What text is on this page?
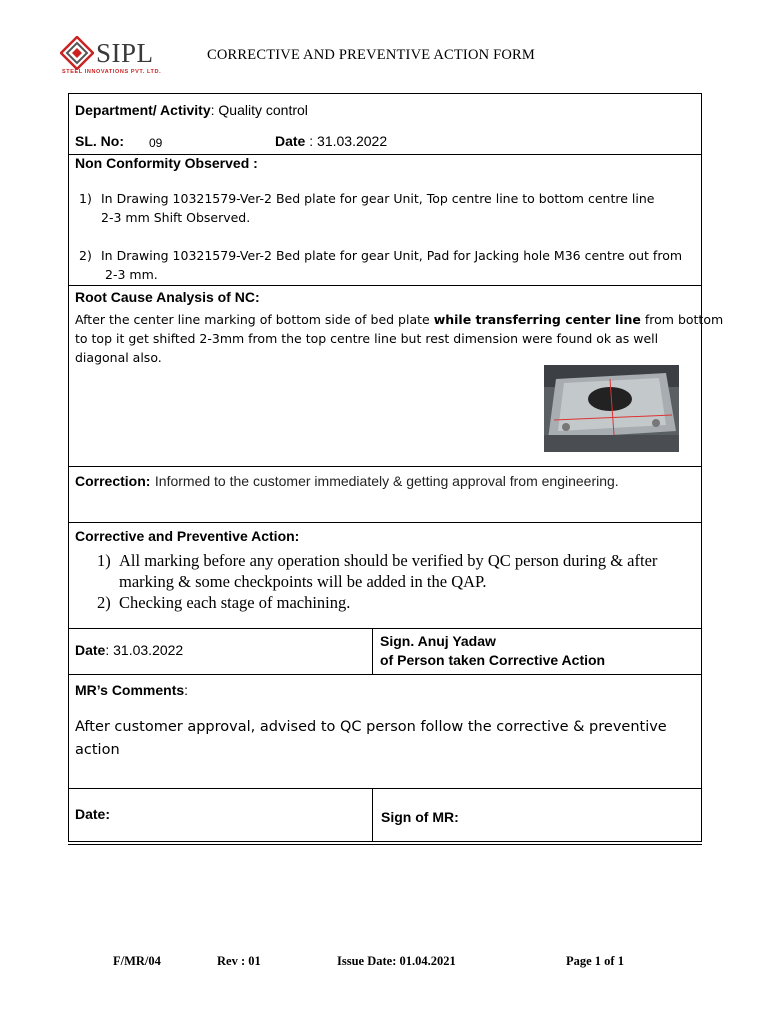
SIPL
STEEL INNOVATIONS PVT. LTD.
CORRECTIVE AND PREVENTIVE ACTION FORM
Department/ Activity: Quality control
SL. No: 09	Date : 31.03.2022
Non Conformity Observed :
1) In Drawing 10321579-Ver-2 Bed plate for gear Unit, Top centre line to bottom centre line
2-3 mm Shift Observed.
2) In Drawing 10321579-Ver-2 Bed plate for gear Unit, Pad for Jacking hole M36 centre out from
2-3 mm.
Root Cause Analysis of NC:
After the center line marking of bottom side of bed plate while transferring center line from bottom
to top it get shifted 2-3mm from the top centre line but rest dimension were found ok as well
diagonal also.
Correction: Informed to the customer immediately & getting approval from engineering.
Corrective and Preventive Action:
1) All marking before any operation should be verified by QC person during & after
marking & some checkpoints will be added in the QAP.
2) Checking each stage of machining.
Date: 31.03.2022
Sign. Anuj Yadaw
of Person taken Corrective Action
MR’s Comments:
After customer approval, advised to QC person follow the corrective & preventive
action
Date:	Sign of MR:
F/MR/04	Rev : 01	Issue Date: 01.04.2021	Page 1 of 1
